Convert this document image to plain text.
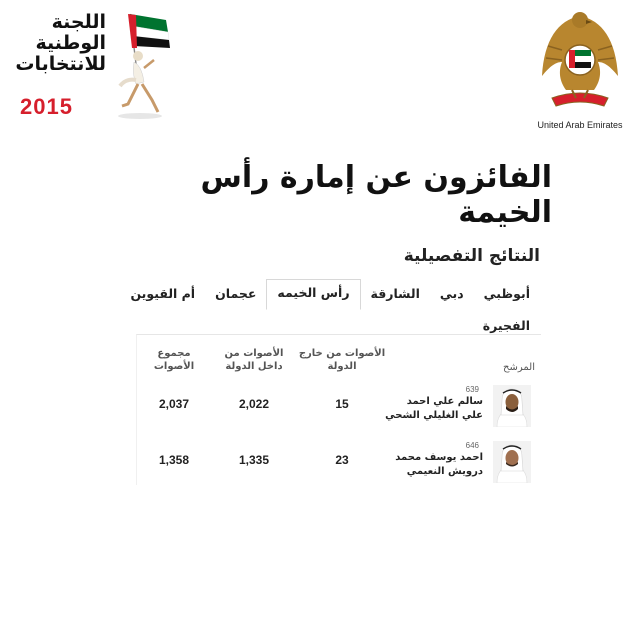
اللجنة
الوطنية
للانتخابات
2015
United Arab Emirates
الفائزون عن إمارة رأس الخيمة
النتائج التفصيلية
أبوظبي
دبي
الشارقة
رأس الخيمه
عجمان
أم القيوين
الفجيرة
المرشح
الأصوات من خارج الدولة
الأصوات من داخل الدولة
مجموع الأصوات
639
سالم علي احمد علي الغليلي الشحي
15
2,022
2,037
646
احمد يوسف محمد درويش النعيمي
23
1,335
1,358
